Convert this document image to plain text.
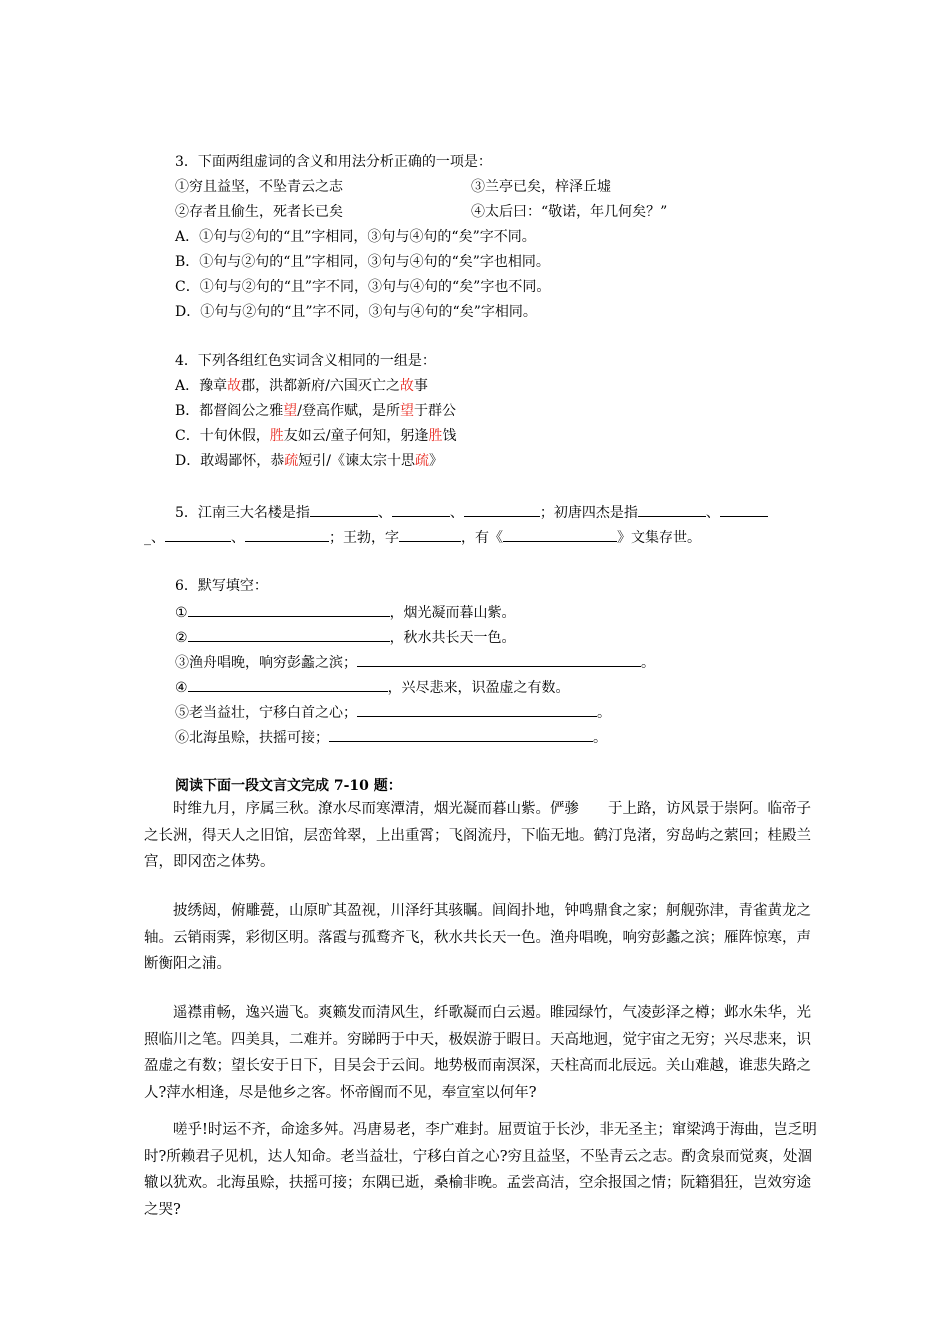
3．下面两组虚词的含义和用法分析正确的一项是：
①穷且益坚，不坠青云之志	③兰亭已矣，梓泽丘墟
②存者且偷生，死者长已矣	④太后曰：“敬诺，年几何矣？”
A．①句与②句的“且”字相同，③句与④句的“矣”字不同。
B．①句与②句的“且”字相同，③句与④句的“矣”字也相同。
C．①句与②句的“且”字不同，③句与④句的“矣”字也不同。
D．①句与②句的“且”字不同，③句与④句的“矣”字相同。
4．下列各组红色实词含义相同的一组是：
A．豫章故郡，洪都新府/六国灭亡之故事
B．都督阎公之雅望/登高作赋，是所望于群公
C．十旬休假，胜友如云/童子何知，躬逢胜饯
D．敢竭鄙怀，恭疏短引/《谏太宗十思疏》
5．江南三大名楼是指	、	、	；初唐四杰是指	、
_、	、	；王勃，字	，有《	》文集存世。
6．默写填空：
①	，烟光凝而暮山紫。
②	，秋水共长天一色。
③渔舟唱晚，响穷彭蠡之滨；	。
④	，兴尽悲来，识盈虚之有数。
⑤老当益壮，宁移白首之心；	。
⑥北海虽赊，扶摇可接；	。
阅读下面一段文言文完成 7-10 题：

时维九月，序属三秋。潦水尽而寒潭清，烟光凝而暮山紫。俨骖　　于上路，访风景于崇阿。临帝子之长洲，得天人之旧馆，层峦耸翠，上出重霄；飞阁流丹，下临无地。鹤汀凫渚，穷岛屿之萦回；桂殿兰宫，即冈峦之体势。

披绣闼，俯雕甍，山原旷其盈视，川泽纡其骇瞩。闾阎扑地，钟鸣鼎食之家；舸舰弥津，青雀黄龙之轴。云销雨霁，彩彻区明。落霞与孤鹜齐飞，秋水共长天一色。渔舟唱晚，响穷彭蠡之滨；雁阵惊寒，声断衡阳之浦。

遥襟甫畅，逸兴遄飞。爽籁发而清风生，纤歌凝而白云遏。睢园绿竹，气凌彭泽之樽；邺水朱华，光照临川之笔。四美具，二难并。穷睇眄于中天，极娱游于暇日。天高地迥，觉宇宙之无穷；兴尽悲来，识盈虚之有数；望长安于日下，目吴会于云间。地势极而南溟深，天柱高而北辰远。关山难越，谁悲失路之人?萍水相逢，尽是他乡之客。怀帝阍而不见，奉宣室以何年?

嗟乎!时运不齐，命途多舛。冯唐易老，李广难封。屈贾谊于长沙，非无圣主；窜梁鸿于海曲，岂乏明时?所赖君子见机，达人知命。老当益壮，宁移白首之心?穷且益坚，不坠青云之志。酌贪泉而觉爽，处涸辙以犹欢。北海虽赊，扶摇可接；东隅已逝，桑榆非晚。孟尝高洁，空余报国之情；阮籍猖狂，岂效穷途之哭?
